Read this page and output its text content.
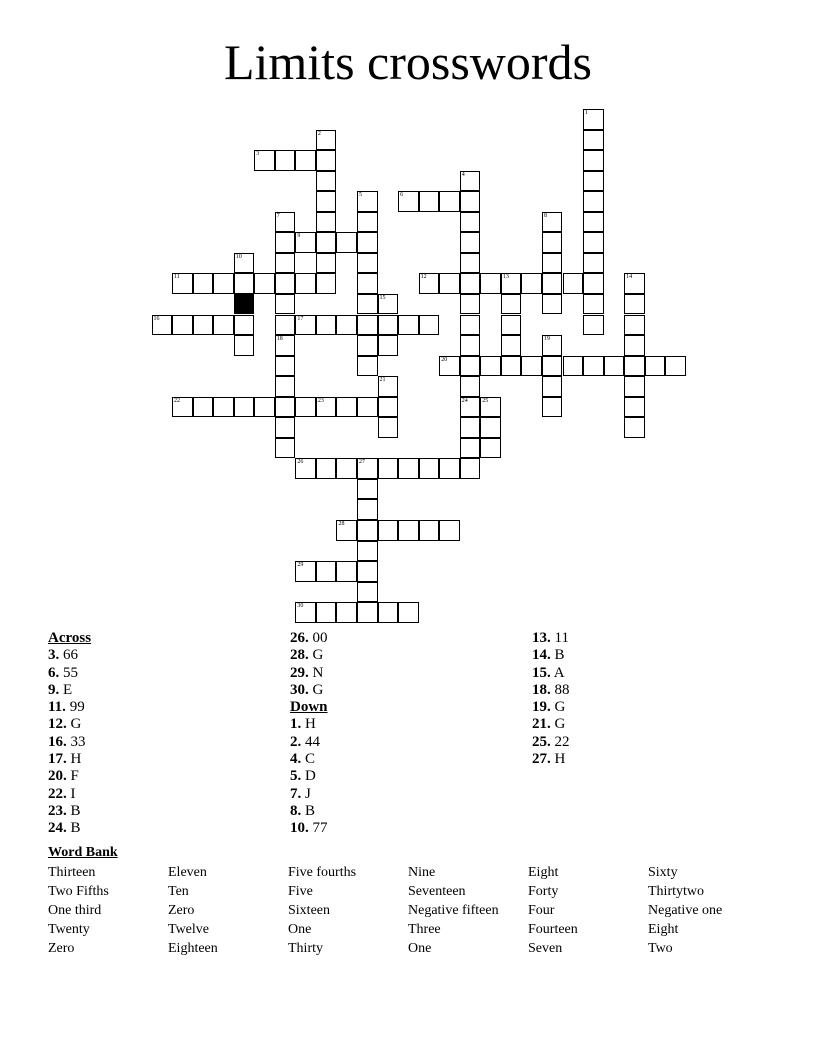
Limits crosswords
3
6
9
11	12	13
16	17
20
22	23
26	27
28
29
30
1
2
4
24
5
7	8
10
14
15
18	19
21
25
Across
3. 66
6. 55
9. E
11. 99
12. G
16. 33
17. H
20. F
22. I
23. B
24. B
26. 00
28. G
29. N
30. G
Down
1. H
2. 44
4. C
5. D
7. J
8. B
10. 77
13. 11
14. B
15. A
18. 88
19. G
21. G
25. 22
27. H
Word Bank
Thirteen	Eleven	Five fourths	Nine	Eight	Sixty
Two Fifths	Ten	Five	Seventeen	Forty	Thirtytwo
One third	Zero	Sixteen	Negative fifteen	Four	Negative one
Twenty	Twelve	One	Three	Fourteen	Eight
Zero	Eighteen	Thirty	One	Seven	Two
